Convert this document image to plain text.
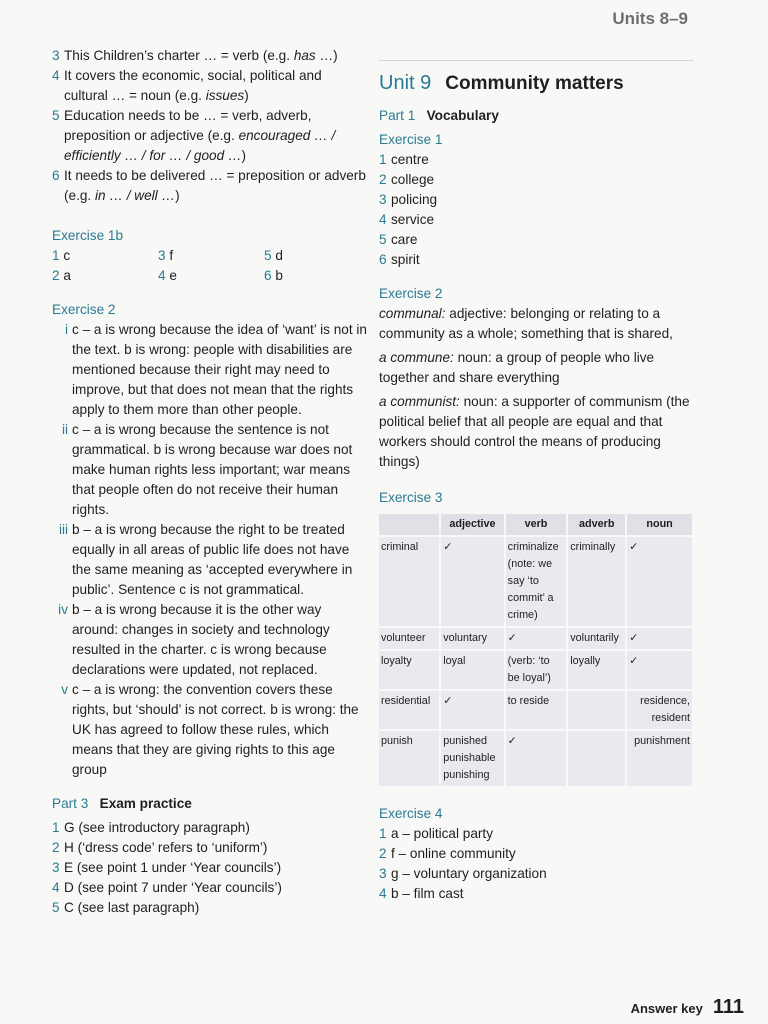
Units 8–9
3 This Children’s charter … = verb (e.g. has …)
4 It covers the economic, social, political and cultural … = noun (e.g. issues)
5 Education needs to be … = verb, adverb, preposition or adjective (e.g. encouraged … / efficiently … / for … / good …)
6 It needs to be delivered … = preposition or adverb (e.g. in … / well …)
Exercise 1b
1 c	3 f	5 d
2 a	4 e	6 b
Exercise 2
i c – a is wrong because the idea of ‘want’ is not in the text. b is wrong: people with disabilities are mentioned because their right may need to improve, but that does not mean that the rights apply to them more than other people.
ii c – a is wrong because the sentence is not grammatical. b is wrong because war does not make human rights less important; war means that people often do not receive their human rights.
iii b – a is wrong because the right to be treated equally in all areas of public life does not have the same meaning as ‘accepted everywhere in public’. Sentence c is not grammatical.
iv b – a is wrong because it is the other way around: changes in society and technology resulted in the charter. c is wrong because declarations were updated, not replaced.
v c – a is wrong: the convention covers these rights, but ‘should’ is not correct. b is wrong: the UK has agreed to follow these rules, which means that they are giving rights to this age group
Part 3 Exam practice
1 G (see introductory paragraph)
2 H (‘dress code’ refers to ‘uniform’)
3 E (see point 1 under ‘Year councils’)
4 D (see point 7 under ‘Year councils’)
5 C (see last paragraph)
Unit 9 Community matters
Part 1 Vocabulary
Exercise 1
1 centre
2 college
3 policing
4 service
5 care
6 spirit
Exercise 2

communal: adjective: belonging or relating to a community as a whole; something that is shared,

a commune: noun: a group of people who live together and share everything

a communist: noun: a supporter of communism (the political belief that all people are equal and that workers should control the means of producing things)

Exercise 3
	adjective	verb	adverb	noun
criminal	✓	criminalize (note: we say ‘to commit’ a crime)	criminally	✓
volunteer	voluntary	✓	voluntarily	✓
loyalty	loyal	(verb: ‘to be loyal’)	loyally	✓
residential	✓	to reside		residence, resident
punish	punished punishable punishing	✓		punishment
Exercise 4
1 a – political party
2 f – online community
3 g – voluntary organization
4 b – film cast
Answer key 111
